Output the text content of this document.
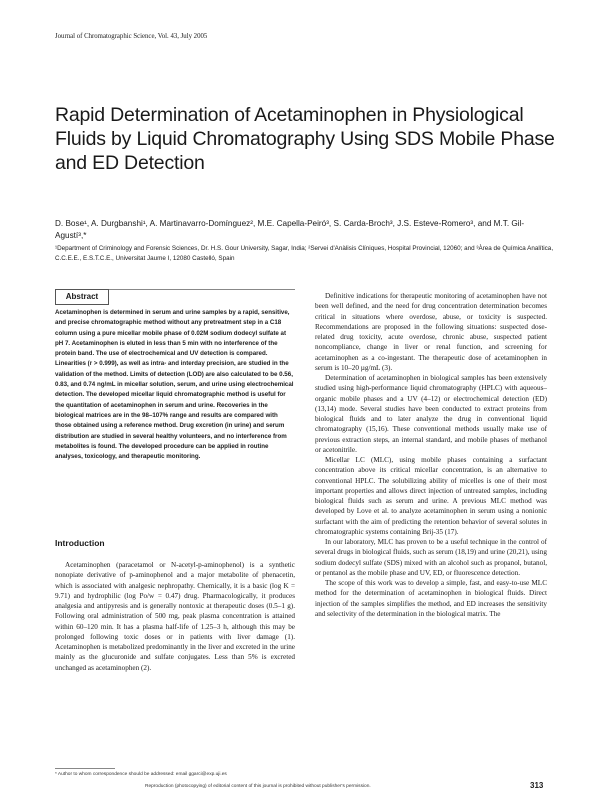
Journal of Chromatographic Science, Vol. 43, July 2005
Rapid Determination of Acetaminophen in Physiological Fluids by Liquid Chromatography Using SDS Mobile Phase and ED Detection
D. Bose¹, A. Durgbanshi¹, A. Martinavarro-Domínguez², M.E. Capella-Peiró³, S. Carda-Broch³, J.S. Esteve-Romero³, and M.T. Gil-Agustí³,*
¹Department of Criminology and Forensic Sciences, Dr. H.S. Gour University, Sagar, India; ²Servei d'Anàlisis Clíniques, Hospital Provincial, 12060; and ³Àrea de Química Analítica, C.C.E.E., E.S.T.C.E., Universitat Jaume I, 12080 Castelló, Spain
Abstract
Acetaminophen is determined in serum and urine samples by a rapid, sensitive, and precise chromatographic method without any pretreatment step in a C18 column using a pure micellar mobile phase of 0.02M sodium dodecyl sulfate at pH 7. Acetaminophen is eluted in less than 5 min with no interference of the protein band. The use of electrochemical and UV detection is compared. Linearities (r > 0.999), as well as intra- and interday precision, are studied in the validation of the method. Limits of detection (LOD) are also calculated to be 0.56, 0.83, and 0.74 ng/mL in micellar solution, serum, and urine using electrochemical detection. The developed micellar liquid chromatographic method is useful for the quantitation of acetaminophen in serum and urine. Recoveries in the biological matrices are in the 98–107% range and results are compared with those obtained using a reference method. Drug excretion (in urine) and serum distribution are studied in several healthy volunteers, and no interference from metabolites is found. The developed procedure can be applied in routine analyses, toxicology, and therapeutic monitoring.
Introduction

Acetaminophen (paracetamol or N-acetyl-p-aminophenol) is a synthetic nonopiate derivative of p-aminophenol and a major metabolite of phenacetin, which is associated with analgesic nephropathy. Chemically, it is a basic (log K = 9.71) and hydrophilic (log Po/w = 0.47) drug. Pharmacologically, it produces analgesia and antipyresis and is generally nontoxic at therapeutic doses (0.5–1 g). Following oral administration of 500 mg, peak plasma concentration is attained within 60–120 min. It has a plasma half-life of 1.25–3 h, although this may be prolonged following toxic doses or in patients with liver damage (1). Acetaminophen is metabolized predominantly in the liver and excreted in the urine mainly as the glucuronide and sulfate conjugates. Less than 5% is excreted unchanged as acetaminophen (2).

Definitive indications for therapeutic monitoring of acetaminophen have not been well defined, and the need for drug concentration determination becomes critical in situations where overdose, abuse, or toxicity is suspected. Recommendations are proposed in the following situations: suspected dose-related drug toxicity, acute overdose, chronic abuse, suspected patient noncompliance, change in liver or renal function, and screening for acetaminophen as a co-ingestant. The therapeutic dose of acetaminophen in serum is 10–20 µg/mL (3).

Determination of acetaminophen in biological samples has been extensively studied using high-performance liquid chromatography (HPLC) with aqueous–organic mobile phases and a UV (4–12) or electrochemical detection (ED) (13,14) mode. Several studies have been conducted to extract proteins from biological fluids and to later analyze the drug in conventional liquid chromatography (15,16). These conventional methods usually make use of previous extraction steps, an internal standard, and mobile phases of methanol or acetonitrile.

Micellar LC (MLC), using mobile phases containing a surfactant concentration above its critical micellar concentration, is an alternative to conventional HPLC. The solubilizing ability of micelles is one of their most important properties and allows direct injection of untreated samples, including biological fluids such as serum and urine. A previous MLC method was developed by Love et al. to analyze acetaminophen in serum using a nonionic surfactant with the aim of predicting the retention behavior of several solutes in chromatographic systems containing Brij-35 (17).

In our laboratory, MLC has proven to be a useful technique in the control of several drugs in biological fluids, such as serum (18,19) and urine (20,21), using sodium dodecyl sulfate (SDS) mixed with an alcohol such as propanol, butanol, or pentanol as the mobile phase and UV, ED, or fluorescence detection.

The scope of this work was to develop a simple, fast, and easy-to-use MLC method for the determination of acetaminophen in biological fluids. Direct injection of the samples simplifies the method, and ED increases the sensitivity and selectivity of the determination in the biological matrix. The

* Author to whom correspondence should be addressed: email ggarci@exp.uji.es
Reproduction (photocopying) of editorial content of this journal is prohibited without publisher's permission.	313
